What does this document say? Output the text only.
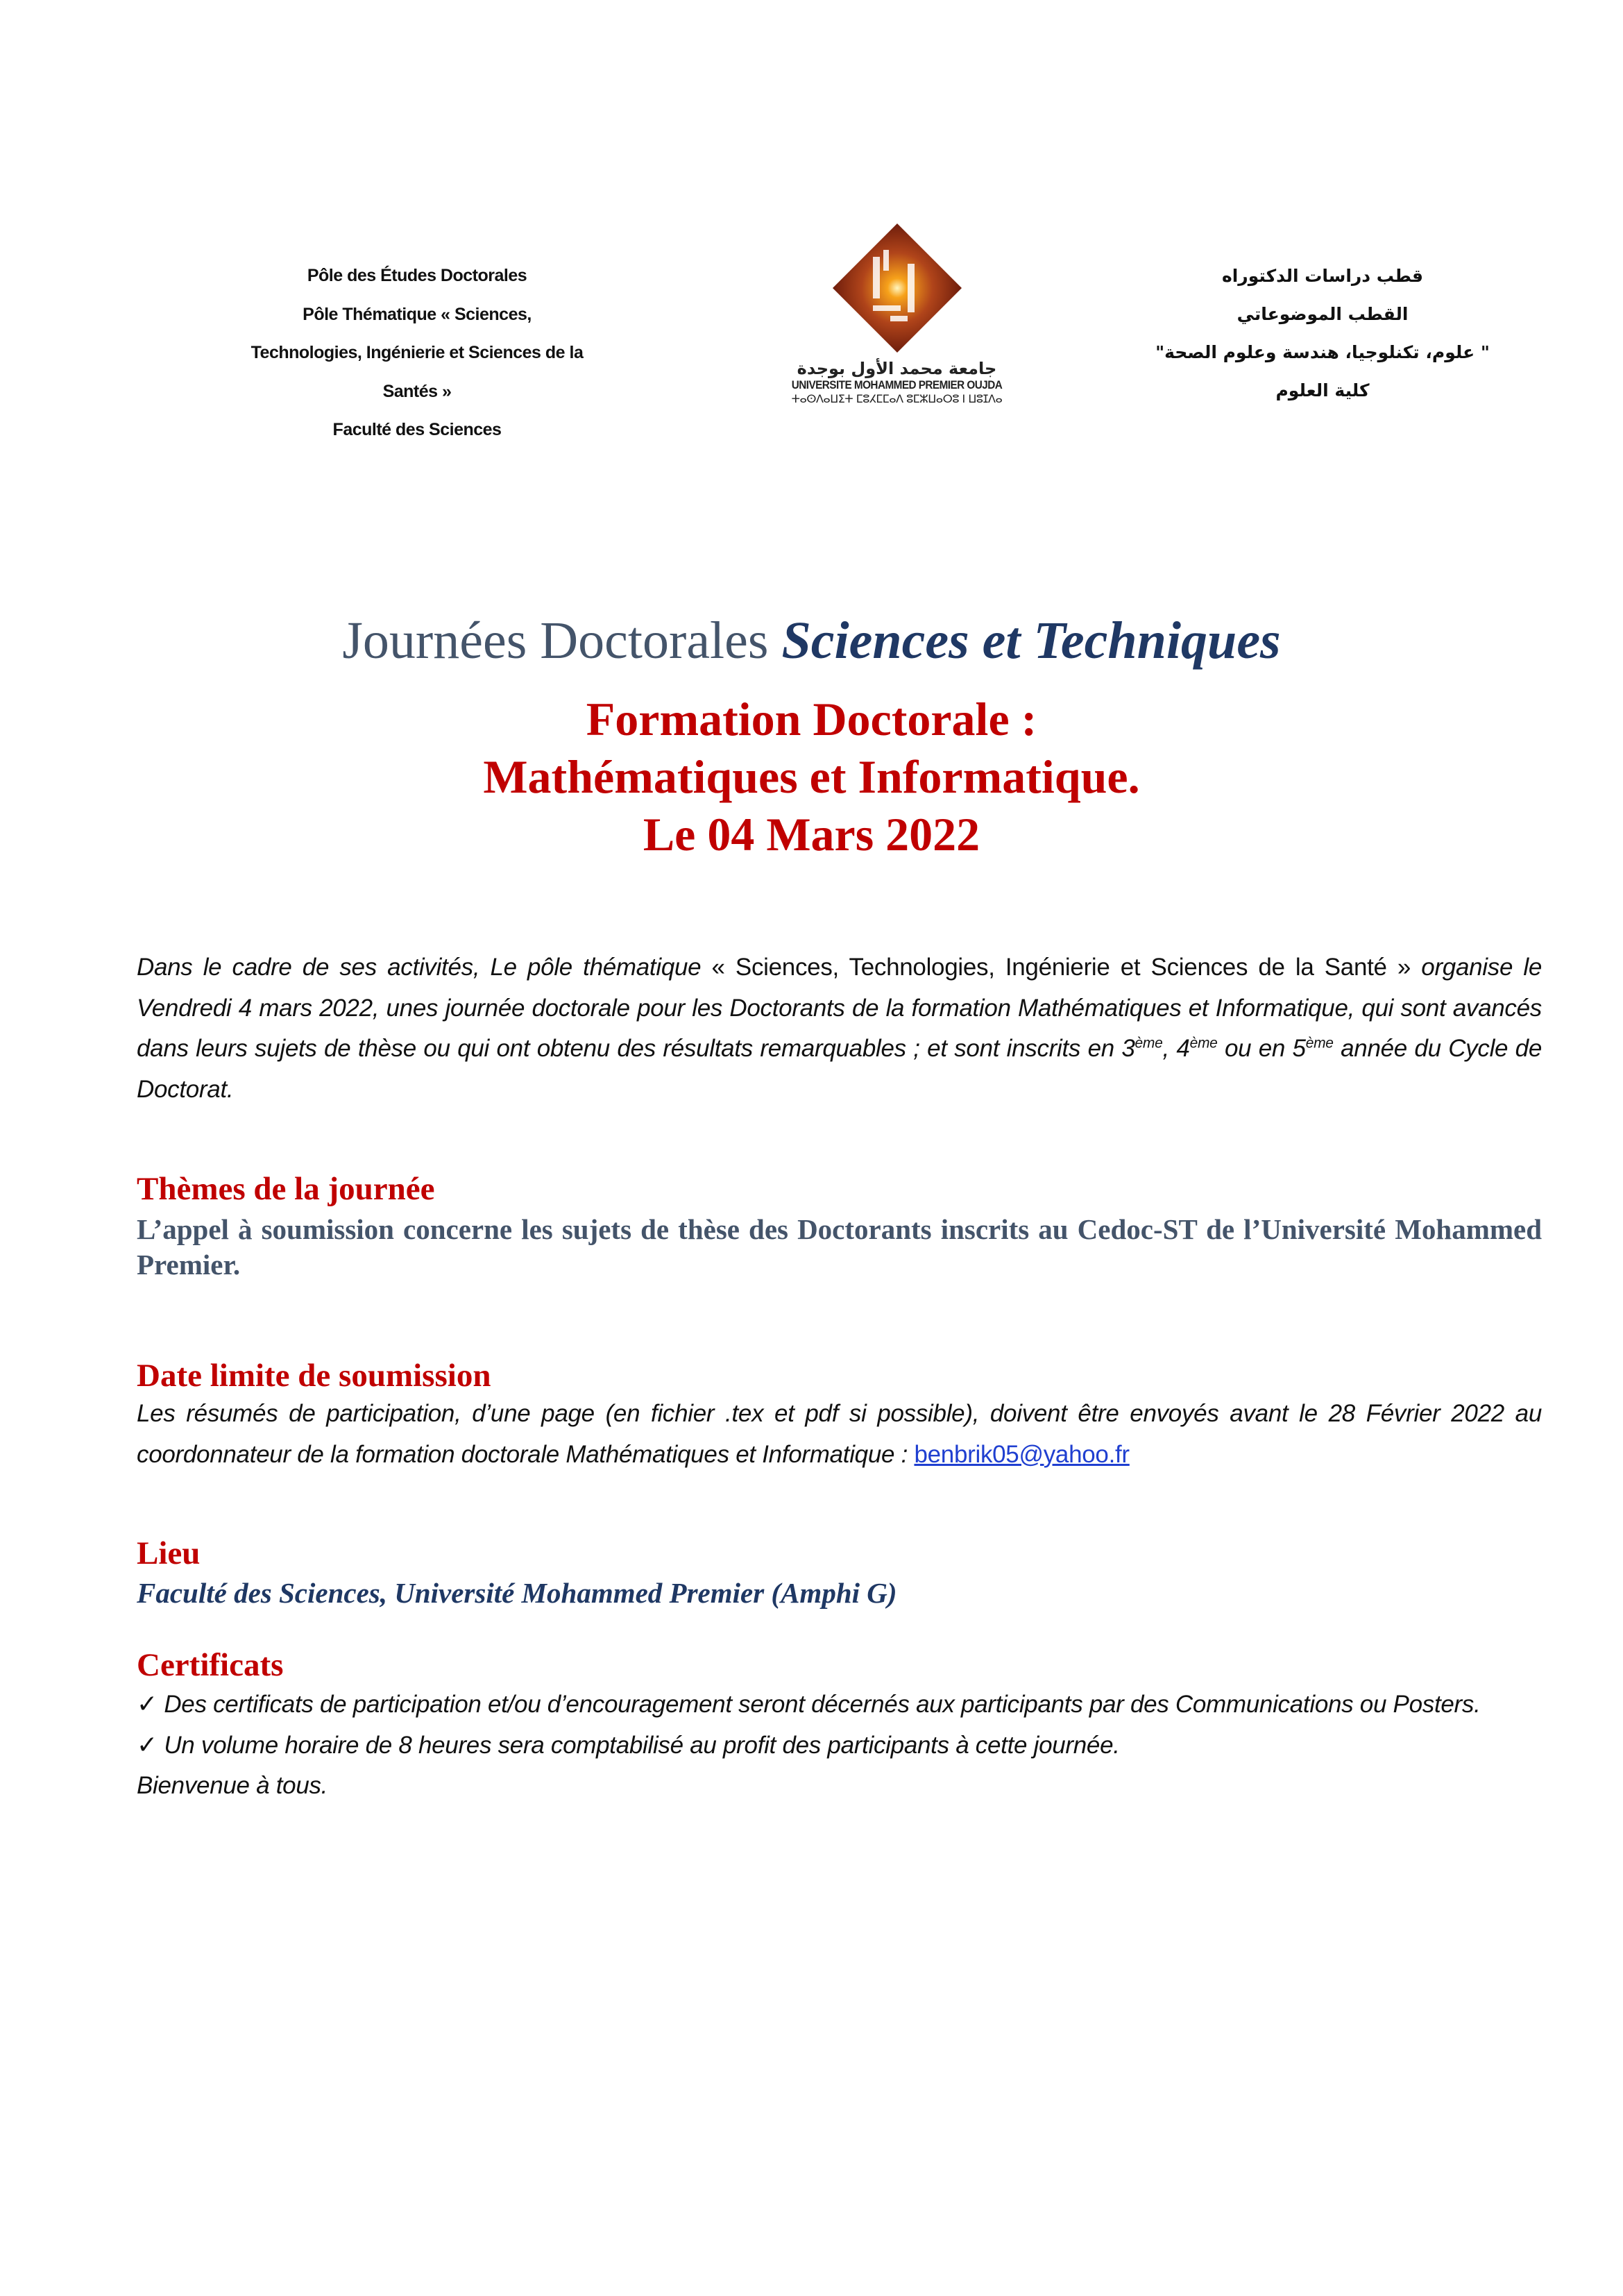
Pôle des Études Doctorales
Pôle Thématique « Sciences,
Technologies, Ingénierie et Sciences de la
Santés »
Faculté des Sciences
جامعة محمد الأول بوجدة
UNIVERSITE MOHAMMED PREMIER OUJDA
ⵜⴰⵙⴷⴰⵡⵉⵜ ⵎⵓⵃⵎⵎⴰⴷ ⵓⵎⵣⵡⴰⵔⵓ ⵏ ⵡⵓⵊⴷⴰ
قطب دراسات الدكتوراه
القطب الموضوعاتي
" علوم، تكنلوجيا، هندسة وعلوم الصحة"
كلية العلوم
Journées Doctorales Sciences et Techniques
Formation Doctorale :
Mathématiques et Informatique.
Le 04 Mars 2022
Dans le cadre de ses activités, Le pôle thématique « Sciences, Technologies, Ingénierie et Sciences de la Santé » organise le Vendredi 4 mars 2022, unes journée doctorale pour les Doctorants de la formation Mathématiques et Informatique, qui sont avancés dans leurs sujets de thèse ou qui ont obtenu des résultats remarquables ; et sont inscrits en 3ème, 4ème ou en 5ème année du Cycle de Doctorat.
Thèmes de la journée
L’appel à soumission concerne les sujets de thèse des Doctorants inscrits au Cedoc-ST de l’Université Mohammed Premier.
Date limite de soumission
Les résumés de participation, d’une page (en fichier .tex et pdf si possible), doivent être envoyés avant le 28 Février 2022 au coordonnateur de la formation doctorale Mathématiques et Informatique : benbrik05@yahoo.fr
Lieu
Faculté des Sciences, Université Mohammed Premier (Amphi G)
Certificats
✓ Des certificats de participation et/ou d’encouragement seront décernés aux participants par des Communications ou Posters.
✓ Un volume horaire de 8 heures sera comptabilisé au profit des participants à cette journée.
Bienvenue à tous.
